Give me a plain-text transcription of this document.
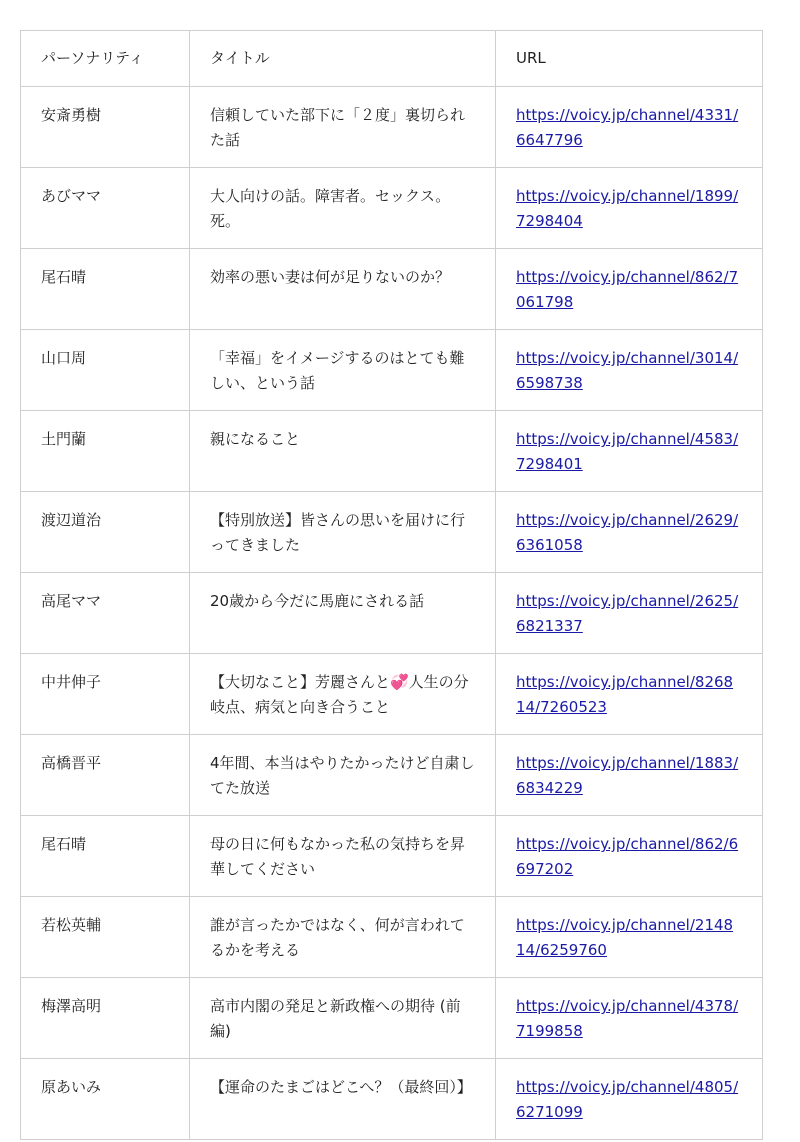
パーソナリティ	タイトル	URL
安斎勇樹	信頼していた部下に「２度」裏切られた話	https://voicy.jp/channel/4331/6647796
あびママ	大人向けの話。障害者。セックス。死。	https://voicy.jp/channel/1899/7298404
尾石晴	効率の悪い妻は何が足りないのか？	https://voicy.jp/channel/862/7061798
山口周	「幸福」をイメージするのはとても難しい、という話	https://voicy.jp/channel/3014/6598738
土門蘭	親になること	https://voicy.jp/channel/4583/7298401
渡辺道治	【特別放送】皆さんの思いを届けに行ってきました	https://voicy.jp/channel/2629/6361058
高尾ママ	20歳から今だに馬鹿にされる話	https://voicy.jp/channel/2625/6821337
中井伸子	【大切なこと】芳麗さんと💞人生の分岐点、病気と向き合うこと	https://voicy.jp/channel/826814/7260523
高橋晋平	4年間、本当はやりたかったけど自粛してた放送	https://voicy.jp/channel/1883/6834229
尾石晴	母の日に何もなかった私の気持ちを昇華してください	https://voicy.jp/channel/862/6697202
若松英輔	誰が言ったかではなく、何が言われてるかを考える	https://voicy.jp/channel/214814/6259760
梅澤高明	高市内閣の発足と新政権への期待 (前編)	https://voicy.jp/channel/4378/7199858
原あいみ	【運命のたまごはどこへ？（最終回）】	https://voicy.jp/channel/4805/6271099
